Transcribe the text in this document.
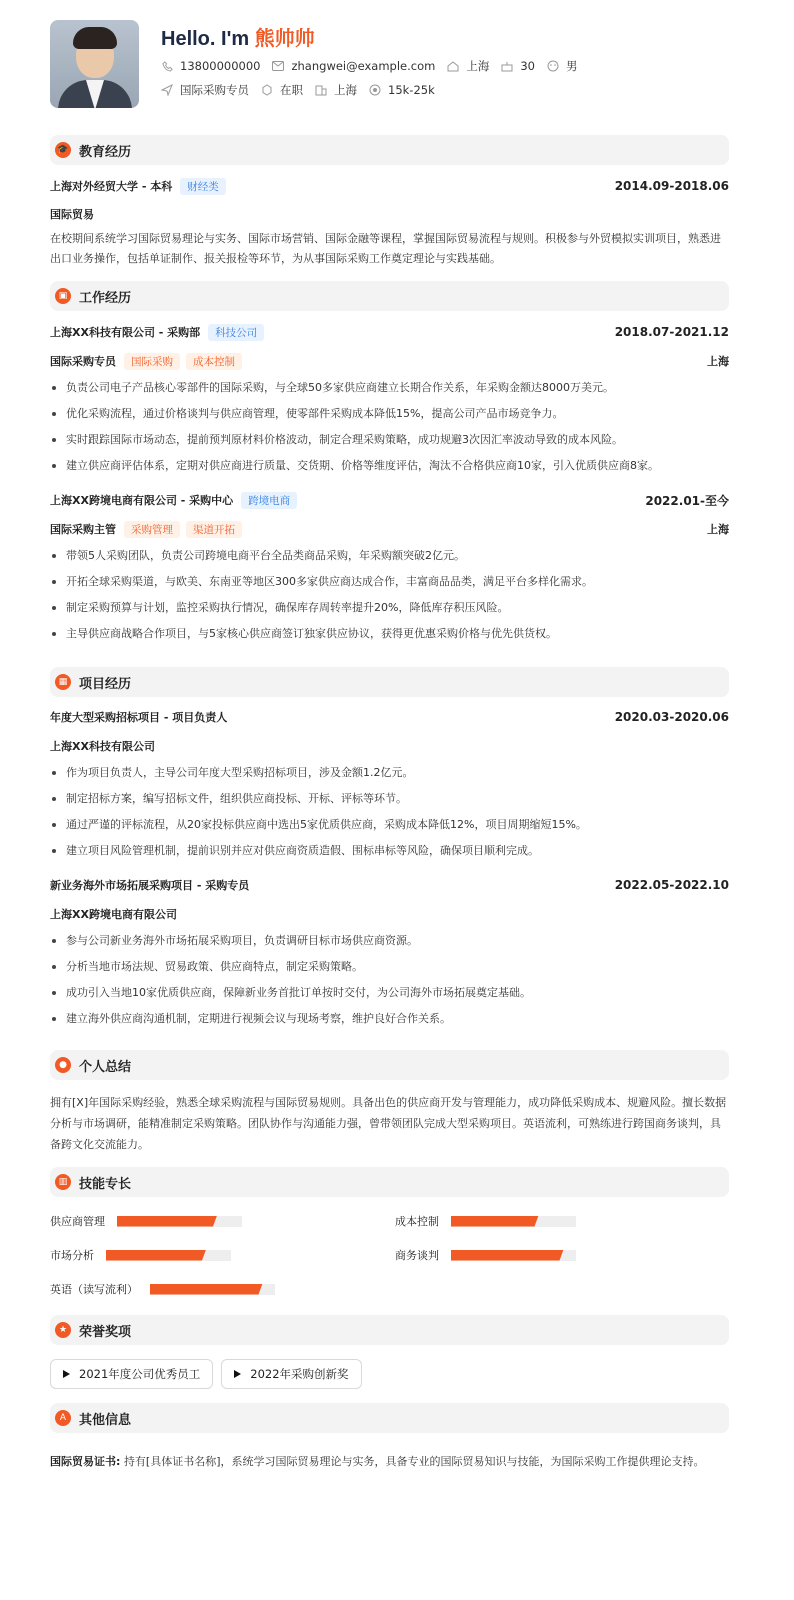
Hello. I'm 熊帅帅
13800000000	zhangwei@example.com	上海	30	男
国际采购专员	在职	上海	15k-25k
🎓 教育经历
上海对外经贸大学 - 本科 财经类	2014.09-2018.06
国际贸易
在校期间系统学习国际贸易理论与实务、国际市场营销、国际金融等课程，掌握国际贸易流程与规则。积极参与外贸模拟实训项目，熟悉进出口业务操作，包括单证制作、报关报检等环节，为从事国际采购工作奠定理论与实践基础。
▣ 工作经历
上海XX科技有限公司 - 采购部 科技公司	2018.07-2021.12
国际采购专员 国际采购 成本控制	上海
负责公司电子产品核心零部件的国际采购，与全球50多家供应商建立长期合作关系，年采购金额达8000万美元。
优化采购流程，通过价格谈判与供应商管理，使零部件采购成本降低15%，提高公司产品市场竞争力。
实时跟踪国际市场动态，提前预判原材料价格波动，制定合理采购策略，成功规避3次因汇率波动导致的成本风险。
建立供应商评估体系，定期对供应商进行质量、交货期、价格等维度评估，淘汰不合格供应商10家，引入优质供应商8家。
上海XX跨境电商有限公司 - 采购中心 跨境电商	2022.01-至今
国际采购主管 采购管理 渠道开拓	上海
带领5人采购团队，负责公司跨境电商平台全品类商品采购，年采购额突破2亿元。
开拓全球采购渠道，与欧美、东南亚等地区300多家供应商达成合作，丰富商品品类，满足平台多样化需求。
制定采购预算与计划，监控采购执行情况，确保库存周转率提升20%，降低库存积压风险。
主导供应商战略合作项目，与5家核心供应商签订独家供应协议，获得更优惠采购价格与优先供货权。
▦ 项目经历
年度大型采购招标项目 - 项目负责人	2020.03-2020.06
上海XX科技有限公司
作为项目负责人，主导公司年度大型采购招标项目，涉及金额1.2亿元。
制定招标方案，编写招标文件，组织供应商投标、开标、评标等环节。
通过严谨的评标流程，从20家投标供应商中选出5家优质供应商，采购成本降低12%，项目周期缩短15%。
建立项目风险管理机制，提前识别并应对供应商资质造假、围标串标等风险，确保项目顺利完成。
新业务海外市场拓展采购项目 - 采购专员	2022.05-2022.10
上海XX跨境电商有限公司
参与公司新业务海外市场拓展采购项目，负责调研目标市场供应商资源。
分析当地市场法规、贸易政策、供应商特点，制定采购策略。
成功引入当地10家优质供应商，保障新业务首批订单按时交付，为公司海外市场拓展奠定基础。
建立海外供应商沟通机制，定期进行视频会议与现场考察，维护良好合作关系。
● 个人总结
拥有[X]年国际采购经验，熟悉全球采购流程与国际贸易规则。具备出色的供应商开发与管理能力，成功降低采购成本、规避风险。擅长数据分析与市场调研，能精准制定采购策略。团队协作与沟通能力强，曾带领团队完成大型采购项目。英语流利，可熟练进行跨国商务谈判，具备跨文化交流能力。
▥ 技能专长
供应商管理	成本控制
市场分析	商务谈判
英语（读写流利）
★ 荣誉奖项
2021年度公司优秀员工	2022年采购创新奖
A 其他信息
国际贸易证书: 持有[具体证书名称]，系统学习国际贸易理论与实务，具备专业的国际贸易知识与技能，为国际采购工作提供理论支持。
